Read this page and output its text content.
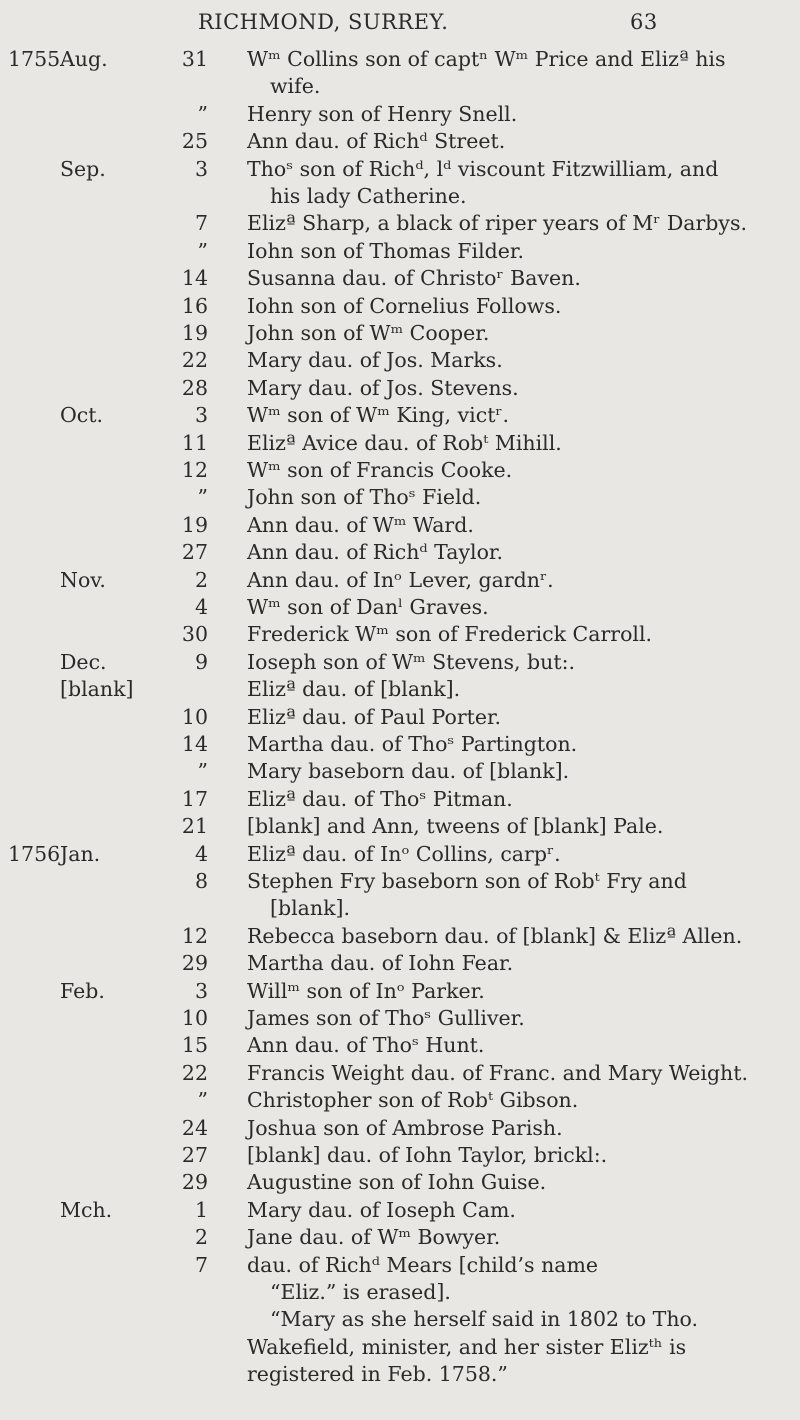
RICHMOND, SURREY.	63
1755 Aug.	31 Wᵐ Collins son of captⁿ Wᵐ Price and Elizª his
wife.
” Henry son of Henry Snell.
25 Ann dau. of Richᵈ Street.
Sep.	3 Thoˢ son of Richᵈ, lᵈ viscount Fitzwilliam, and
his lady Catherine.
7 Elizª Sharp, a black of riper years of Mʳ Darbys.
” Iohn son of Thomas Filder.
14 Susanna dau. of Christoʳ Baven.
16 Iohn son of Cornelius Follows.
19 John son of Wᵐ Cooper.
22 Mary dau. of Jos. Marks.
28 Mary dau. of Jos. Stevens.
Oct.	3 Wᵐ son of Wᵐ King, victʳ.
11 Elizª Avice dau. of Robᵗ Mihill.
12 Wᵐ son of Francis Cooke.
” John son of Thoˢ Field.
19 Ann dau. of Wᵐ Ward.
27 Ann dau. of Richᵈ Taylor.
Nov.	2 Ann dau. of Inᵒ Lever, gardnʳ.
4 Wᵐ son of Danˡ Graves.
30 Frederick Wᵐ son of Frederick Carroll.
Dec.	9 Ioseph son of Wᵐ Stevens, but:.
[blank]	Elizª dau. of [blank].
10 Elizª dau. of Paul Porter.
14 Martha dau. of Thoˢ Partington.
” Mary baseborn dau. of [blank].
17 Elizª dau. of Thoˢ Pitman.
21 [blank] and Ann, tweens of [blank] Pale.
1756 Jan.	4 Elizª dau. of Inᵒ Collins, carpʳ.
8 Stephen Fry baseborn son of Robᵗ Fry and
[blank].
12 Rebecca baseborn dau. of [blank] & Elizª Allen.
29 Martha dau. of Iohn Fear.
Feb.	3 Willᵐ son of Inᵒ Parker.
10 James son of Thoˢ Gulliver.
15 Ann dau. of Thoˢ Hunt.
22 Francis Weight dau. of Franc. and Mary Weight.
” Christopher son of Robᵗ Gibson.
24 Joshua son of Ambrose Parish.
27 [blank] dau. of Iohn Taylor, brickl:.
29 Augustine son of Iohn Guise.
Mch.	1 Mary dau. of Ioseph Cam.
2 Jane dau. of Wᵐ Bowyer.
7 dau. of Richᵈ Mears [child’s name
“Eliz.” is erased].
“Mary as she herself said in 1802 to Tho.
Wakefield, minister, and her sister Elizᵗʰ is
registered in Feb. 1758.”
